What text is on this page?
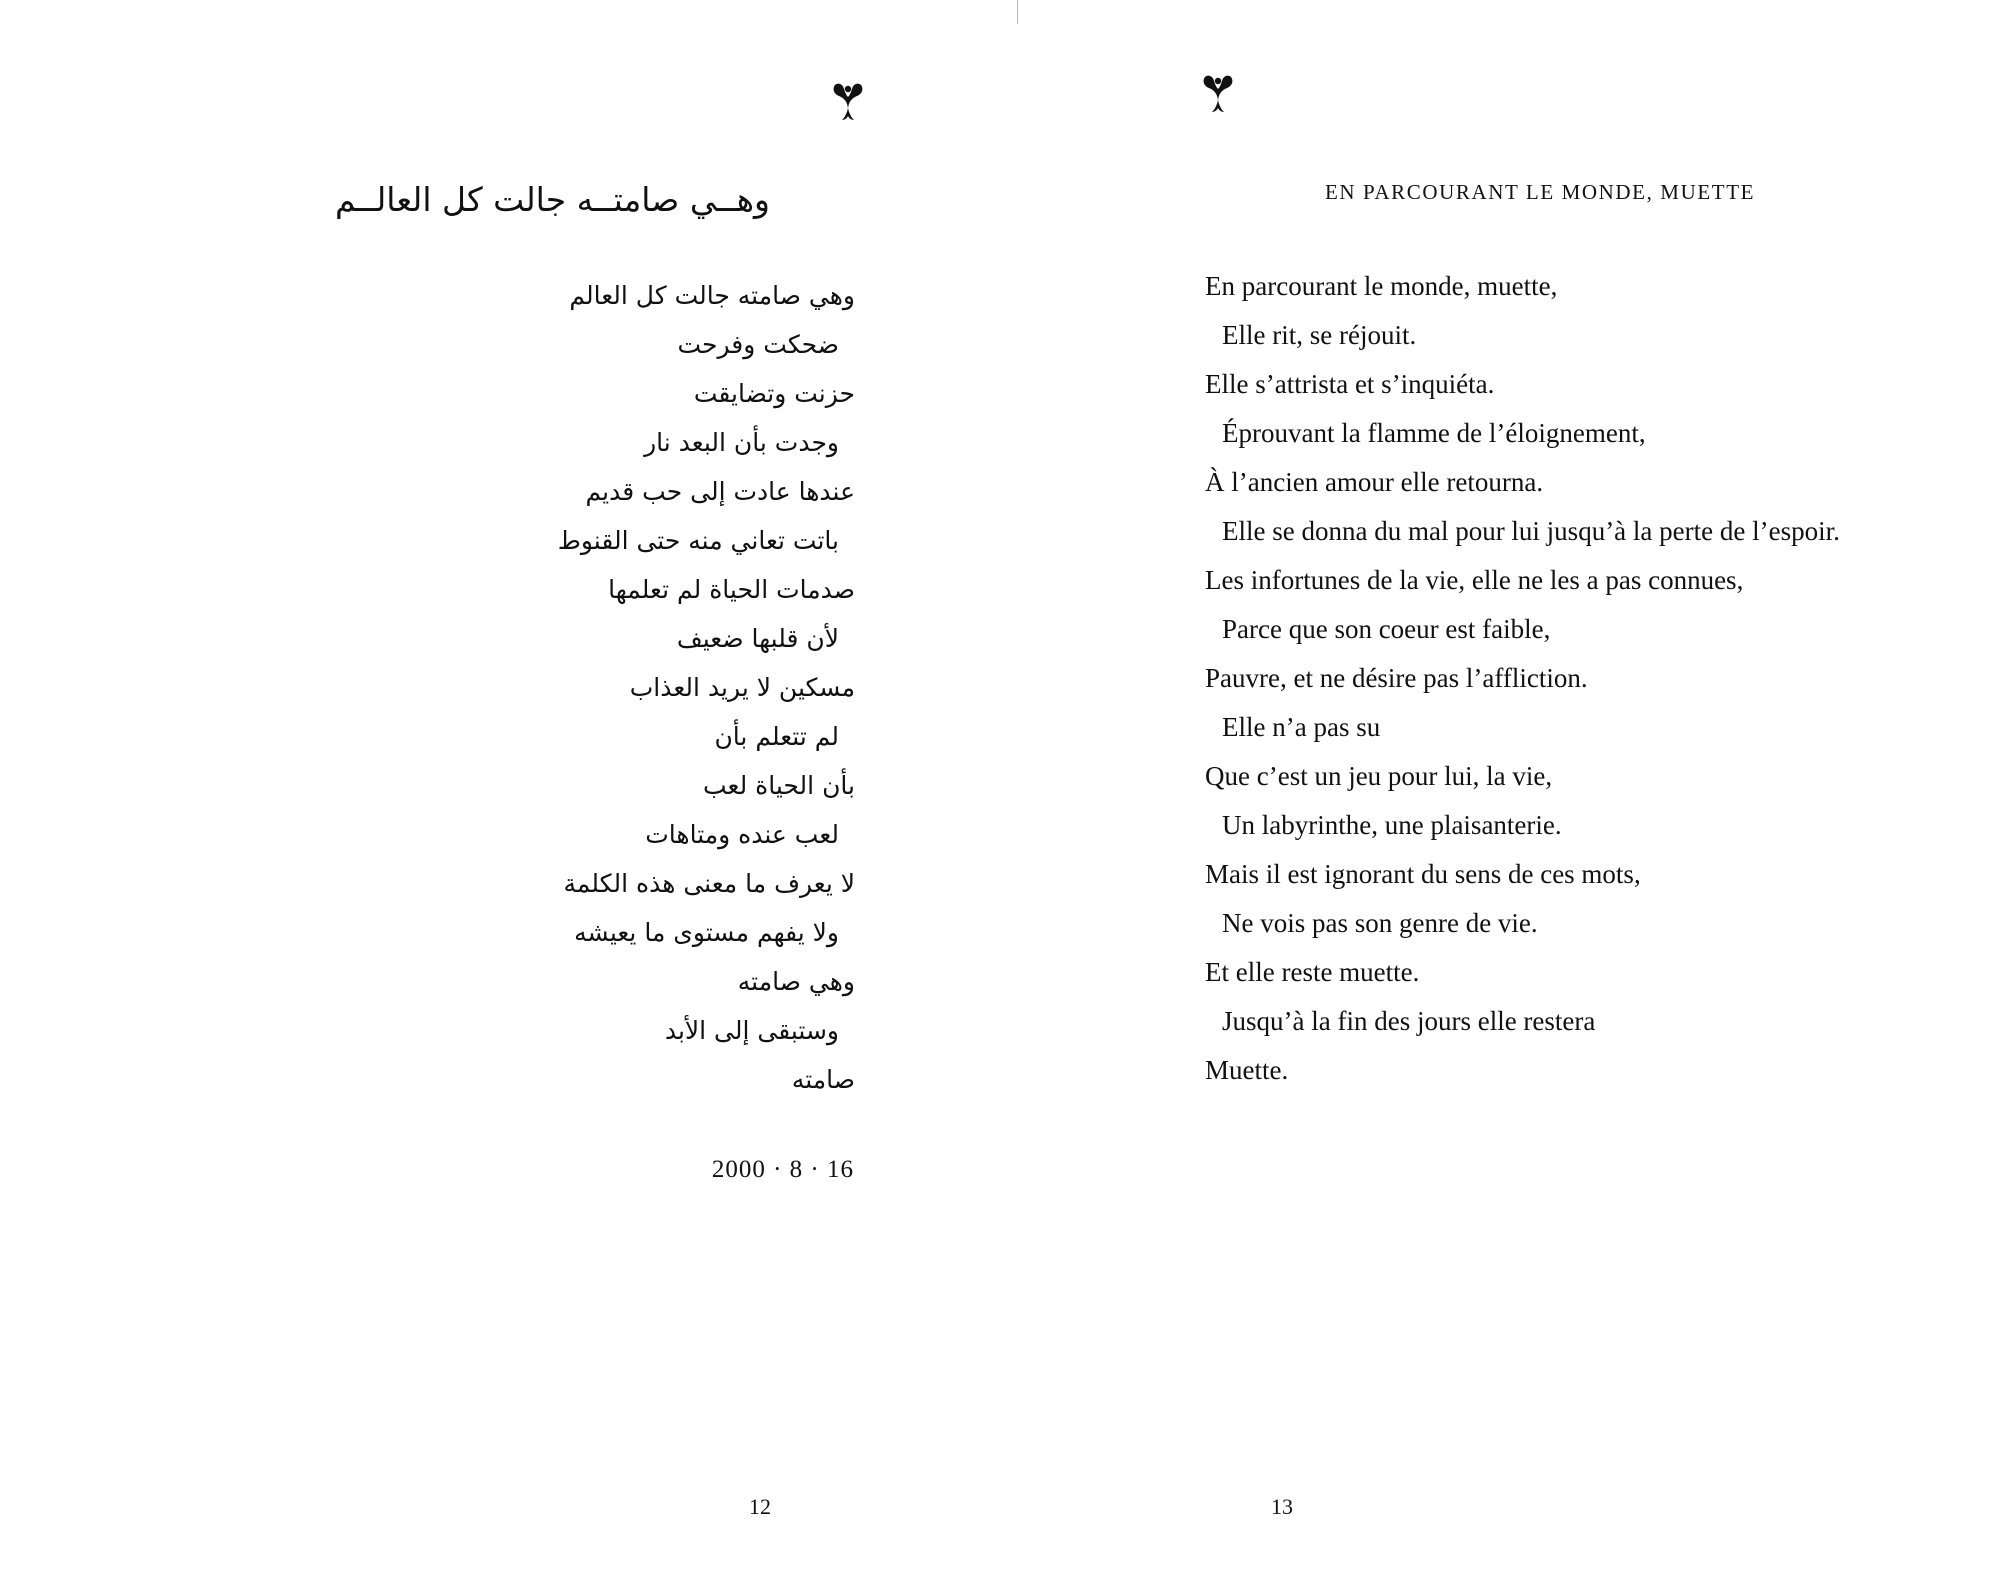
وهــي صامتــه جالت كل العالــم
وهي صامته جالت كل العالم
ضحكت وفرحت
حزنت وتضايقت
وجدت بأن البعد نار
عندها عادت إلى حب قديم
باتت تعاني منه حتى القنوط
صدمات الحياة لم تعلمها
لأن قلبها ضعيف
مسكين لا يريد العذاب
لم تتعلم بأن
بأن الحياة لعب
لعب عنده ومتاهات
لا يعرف ما معنى هذه الكلمة
ولا يفهم مستوى ما يعيشه
وهي صامته
وستبقى إلى الأبد
صامته
2000 · 8 · 16
12
EN PARCOURANT LE MONDE, MUETTE
En parcourant le monde, muette,
Elle rit, se réjouit.
Elle s’attrista et s’inquiéta.
Éprouvant la flamme de l’éloignement,
À l’ancien amour elle retourna.
Elle se donna du mal pour lui jusqu’à la perte de l’espoir.
Les infortunes de la vie, elle ne les a pas connues,
Parce que son coeur est faible,
Pauvre, et ne désire pas l’affliction.
Elle n’a pas su
Que c’est un jeu pour lui, la vie,
Un labyrinthe, une plaisanterie.
Mais il est ignorant du sens de ces mots,
Ne vois pas son genre de vie.
Et elle reste muette.
Jusqu’à la fin des jours elle restera
Muette.
13
